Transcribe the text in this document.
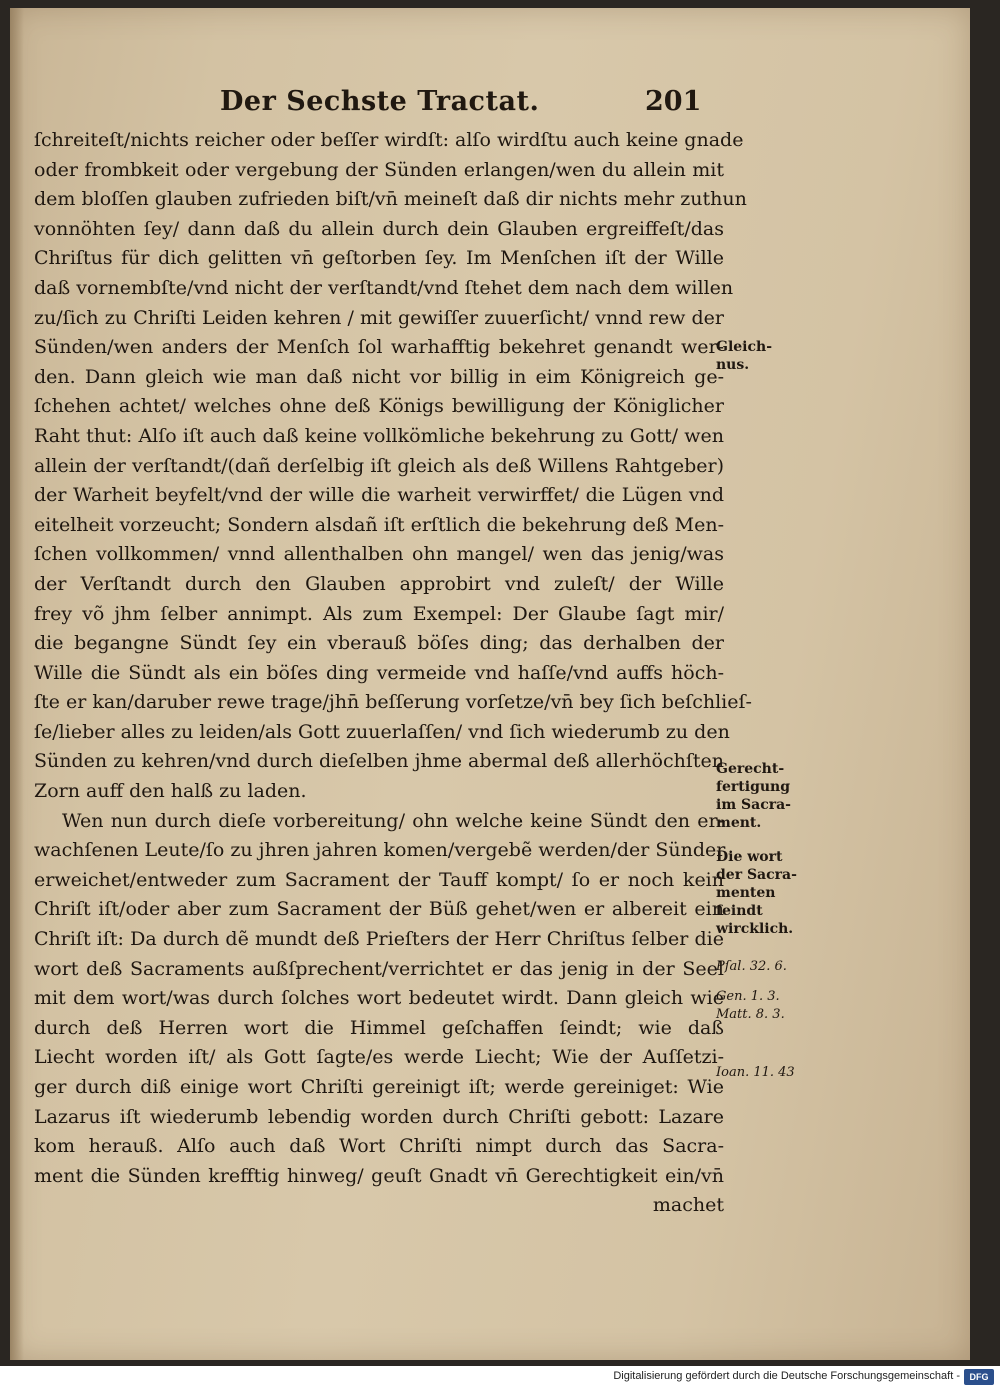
Der Sechste Tractat.	201
ſchreiteſt/nichts reicher oder beſſer wirdſt: alſo wirdſtu auch keine gnade
oder frombkeit oder vergebung der Sünden erlangen/wen du allein mit
dem bloſſen glauben zufrieden biſt/vn̄ meineſt daß dir nichts mehr zuthun
vonnöhten ſey/ dann daß du allein durch dein Glauben ergreiffeſt/das
Chriſtus für dich gelitten vn̄ geſtorben ſey. Im Menſchen iſt der Wille
daß vornembſte/vnd nicht der verſtandt/vnd ſtehet dem nach dem willen
zu/ſich zu Chriſti Leiden kehren / mit gewiſſer zuuerſicht/ vnnd rew der
Sünden/wen anders der Menſch ſol warhafftig bekehret genandt wer-
den. Dann gleich wie man daß nicht vor billig in eim Königreich ge-
ſchehen achtet/ welches ohne deß Königs bewilligung der Königlicher
Raht thut: Alſo iſt auch daß keine vollkömliche bekehrung zu Gott/ wen
allein der verſtandt/(dañ derſelbig iſt gleich als deß Willens Rahtgeber)
der Warheit beyfelt/vnd der wille die warheit verwirffet/ die Lügen vnd
eitelheit vorzeucht; Sondern alsdañ iſt erſtlich die bekehrung deß Men-
ſchen vollkommen/ vnnd allenthalben ohn mangel/ wen das jenig/was
der Verſtandt durch den Glauben approbirt vnd zuleſt/ der Wille
frey võ jhm ſelber annimpt. Als zum Exempel: Der Glaube ſagt mir/
die begangne Sündt ſey ein vberauß böſes ding; das derhalben der
Wille die Sündt als ein böſes ding vermeide vnd haſſe/vnd auffs höch-
ſte er kan/daruber rewe trage/jhn̄ beſſerung vorſetze/vn̄ bey ſich beſchlieſ-
ſe/lieber alles zu leiden/als Gott zuuerlaſſen/ vnd ſich wiederumb zu den
Sünden zu kehren/vnd durch dieſelben jhme abermal deß allerhöchſten
Zorn auff den halß zu laden.
Wen nun durch dieſe vorbereitung/ ohn welche keine Sündt den er-
wachſenen Leute/ſo zu jhren jahren komen/vergebẽ werden/der Sünder
erweichet/entweder zum Sacrament der Tauff kompt/ ſo er noch kein
Chriſt iſt/oder aber zum Sacrament der Büß gehet/wen er albereit ein
Chriſt iſt: Da durch dẽ mundt deß Prieſters der Herr Chriſtus ſelber die
wort deß Sacraments außſprechent/verrichtet er das jenig in der Seel
mit dem wort/was durch ſolches wort bedeutet wirdt. Dann gleich wie
durch deß Herren wort die Himmel geſchaffen ſeindt; wie daß
Liecht worden iſt/ als Gott ſagte/es werde Liecht; Wie der Auſſetzi-
ger durch diß einige wort Chriſti gereinigt iſt; werde gereiniget: Wie
Lazarus iſt wiederumb lebendig worden durch Chriſti gebott: Lazare
kom herauß. Alſo auch daß Wort Chriſti nimpt durch das Sacra-
ment die Sünden krefftig hinweg/ geuſt Gnadt vn̄ Gerechtigkeit ein/vn̄
machet
Gleich-
nus.
Gerecht-
fertigung
im Sacra-
ment.
Die wort
der Sacra-
menten
ſeindt
wircklich.
Pſal. 32. 6.
Gen. 1. 3.
Matt. 8. 3.
Ioan. 11. 43
Digitalisierung gefördert durch die Deutsche Forschungsgemeinschaft -	DFG
